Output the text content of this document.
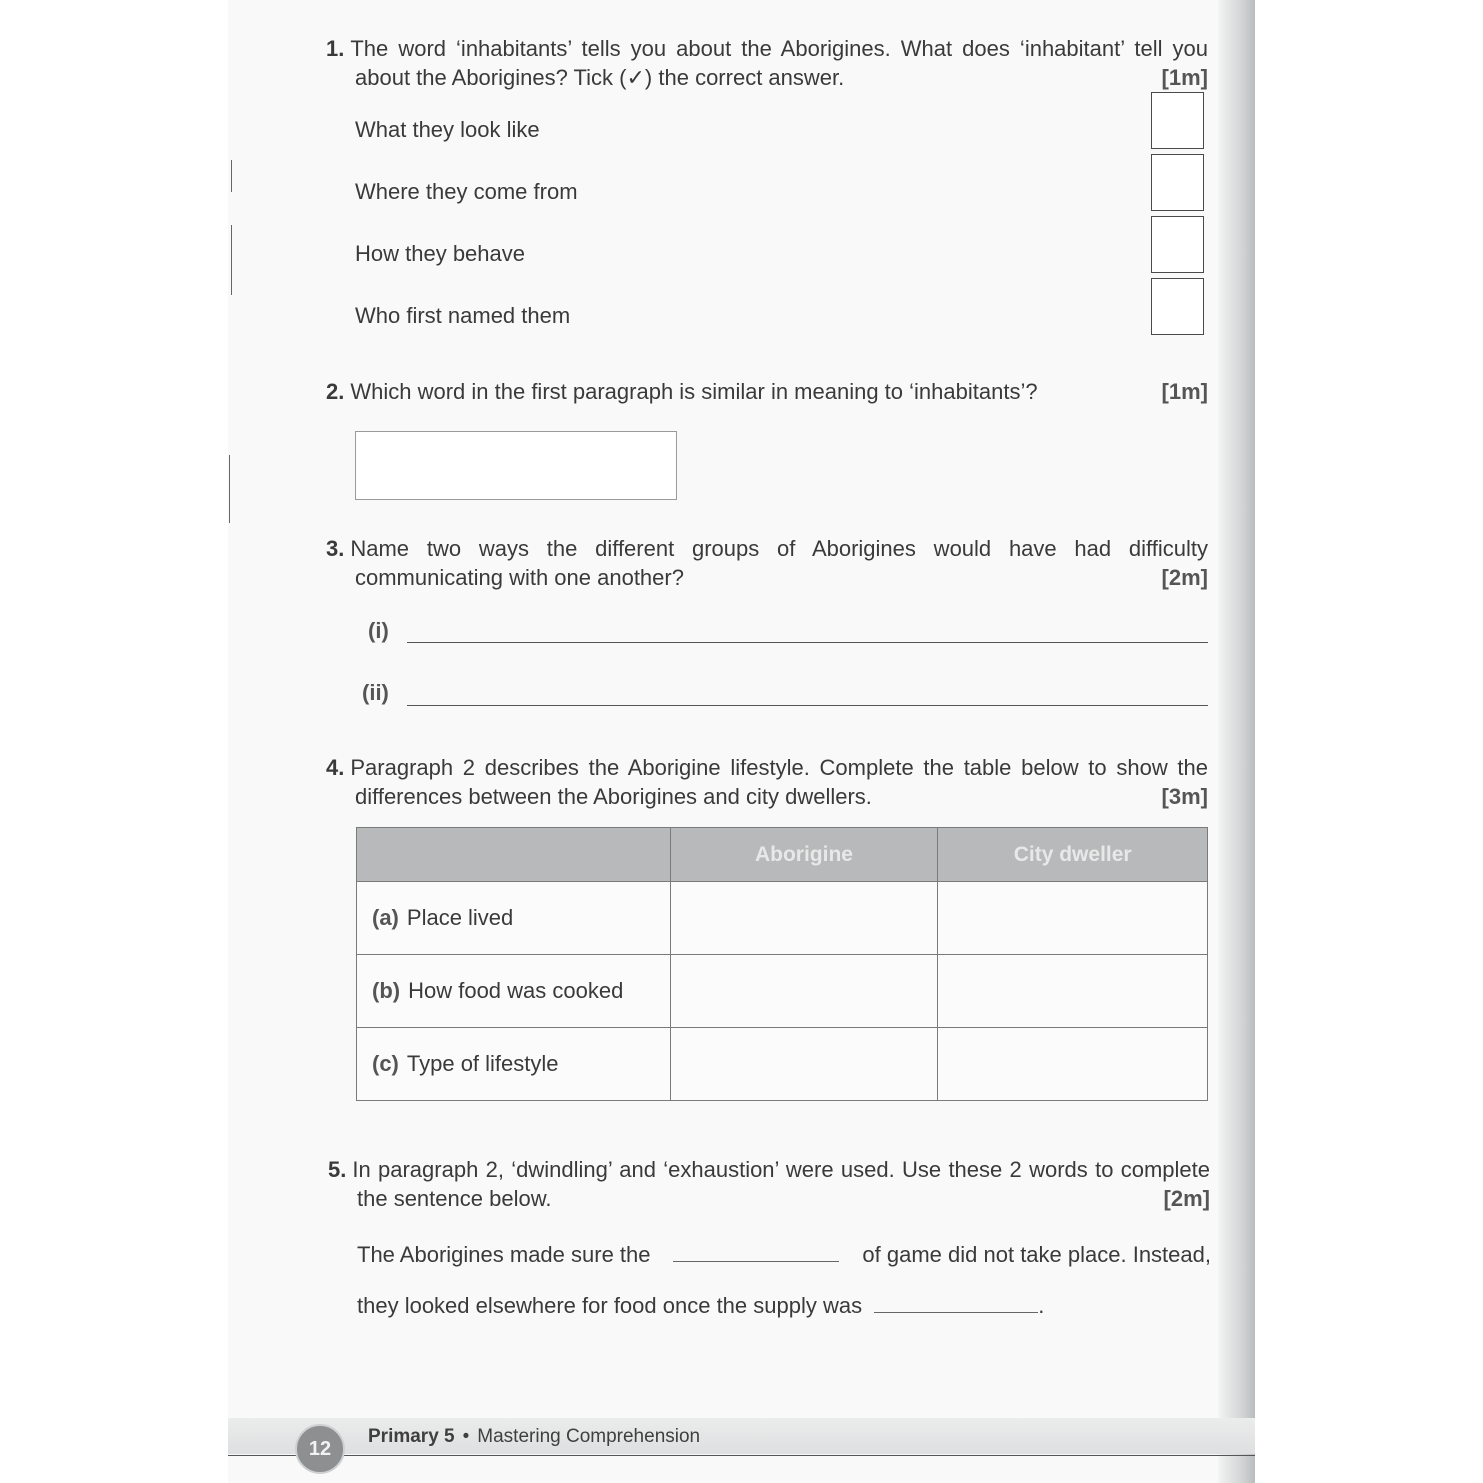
1. The word ‘inhabitants’ tells you about the Aborigines. What does ‘inhabitant’ tell you
about the Aborigines? Tick (✓) the correct answer.	[1m]
What they look like
Where they come from
How they behave
Who first named them
2. Which word in the first paragraph is similar in meaning to ‘inhabitants’?	[1m]
3. Name two ways the different groups of Aborigines would have had difficulty
communicating with one another?	[2m]
(i)
(ii)
4. Paragraph 2 describes the Aborigine lifestyle. Complete the table below to show the
differences between the Aborigines and city dwellers.	[3m]
	Aborigine	City dweller
(a) Place lived		
(b) How food was cooked		
(c) Type of lifestyle		
5. In paragraph 2, ‘dwindling’ and ‘exhaustion’ were used. Use these 2 words to complete
the sentence below.	[2m]
The Aborigines made sure the	of game did not take place. Instead,
they looked elsewhere for food once the supply was	.
12
Primary 5 • Mastering Comprehension
